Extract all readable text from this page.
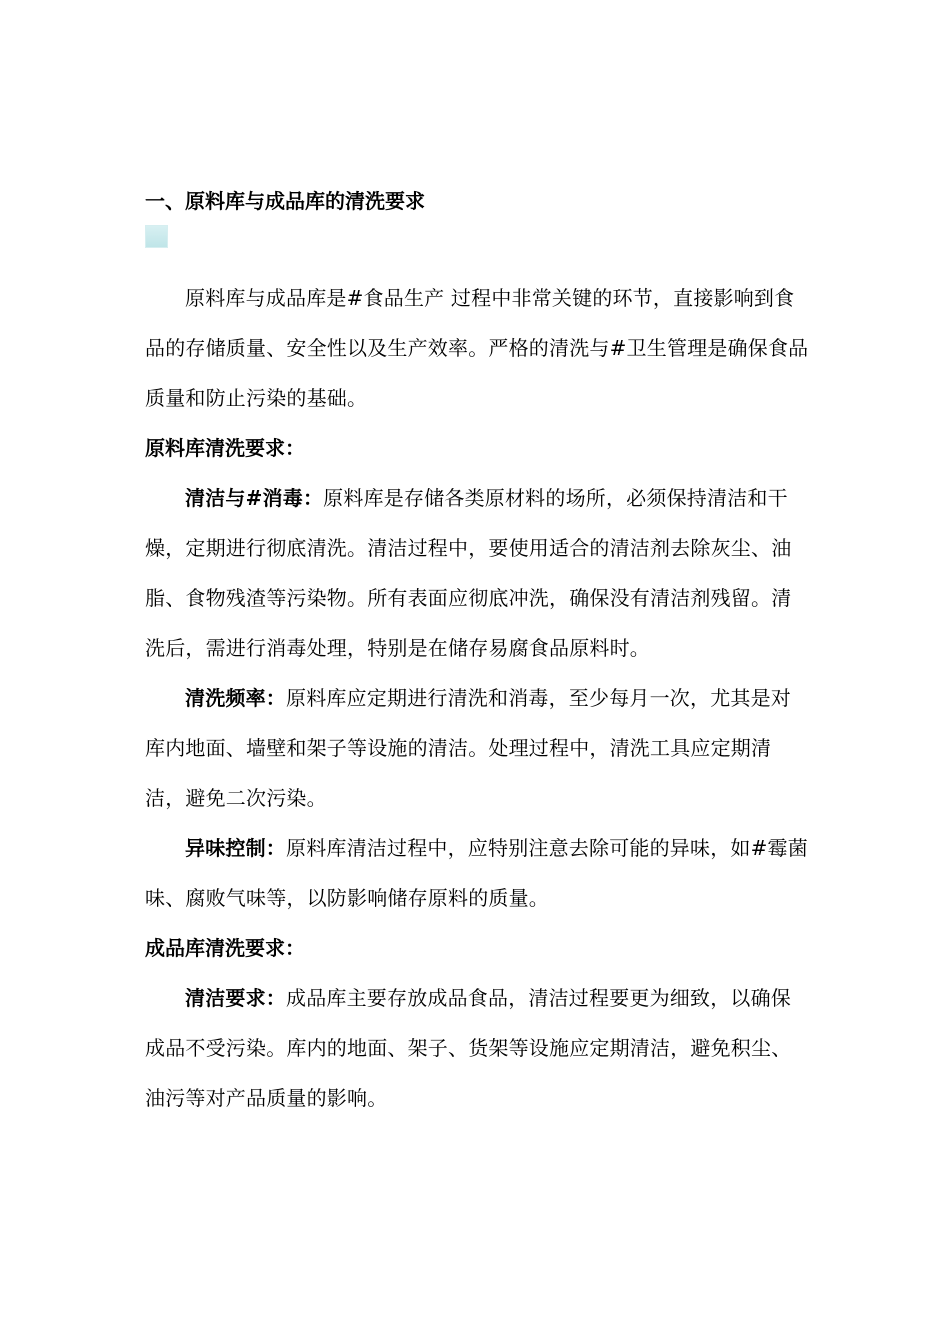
一、原料库与成品库的清洗要求

原料库与成品库是#食品生产 过程中非常关键的环节，直接影响到食品的存储质量、安全性以及生产效率。严格的清洗与#卫生管理是确保食品质量和防止污染的基础。

原料库清洗要求：

清洁与#消毒：原料库是存储各类原材料的场所，必须保持清洁和干燥，定期进行彻底清洗。清洁过程中，要使用适合的清洁剂去除灰尘、油脂、食物残渣等污染物。所有表面应彻底冲洗，确保没有清洁剂残留。清洗后，需进行消毒处理，特别是在储存易腐食品原料时。

清洗频率：原料库应定期进行清洗和消毒，至少每月一次，尤其是对库内地面、墙壁和架子等设施的清洁。处理过程中，清洗工具应定期清洁，避免二次污染。

异味控制：原料库清洁过程中，应特别注意去除可能的异味，如#霉菌 味、腐败气味等，以防影响储存原料的质量。

成品库清洗要求：

清洁要求：成品库主要存放成品食品，清洁过程要更为细致，以确保成品不受污染。库内的地面、架子、货架等设施应定期清洁，避免积尘、油污等对产品质量的影响。
